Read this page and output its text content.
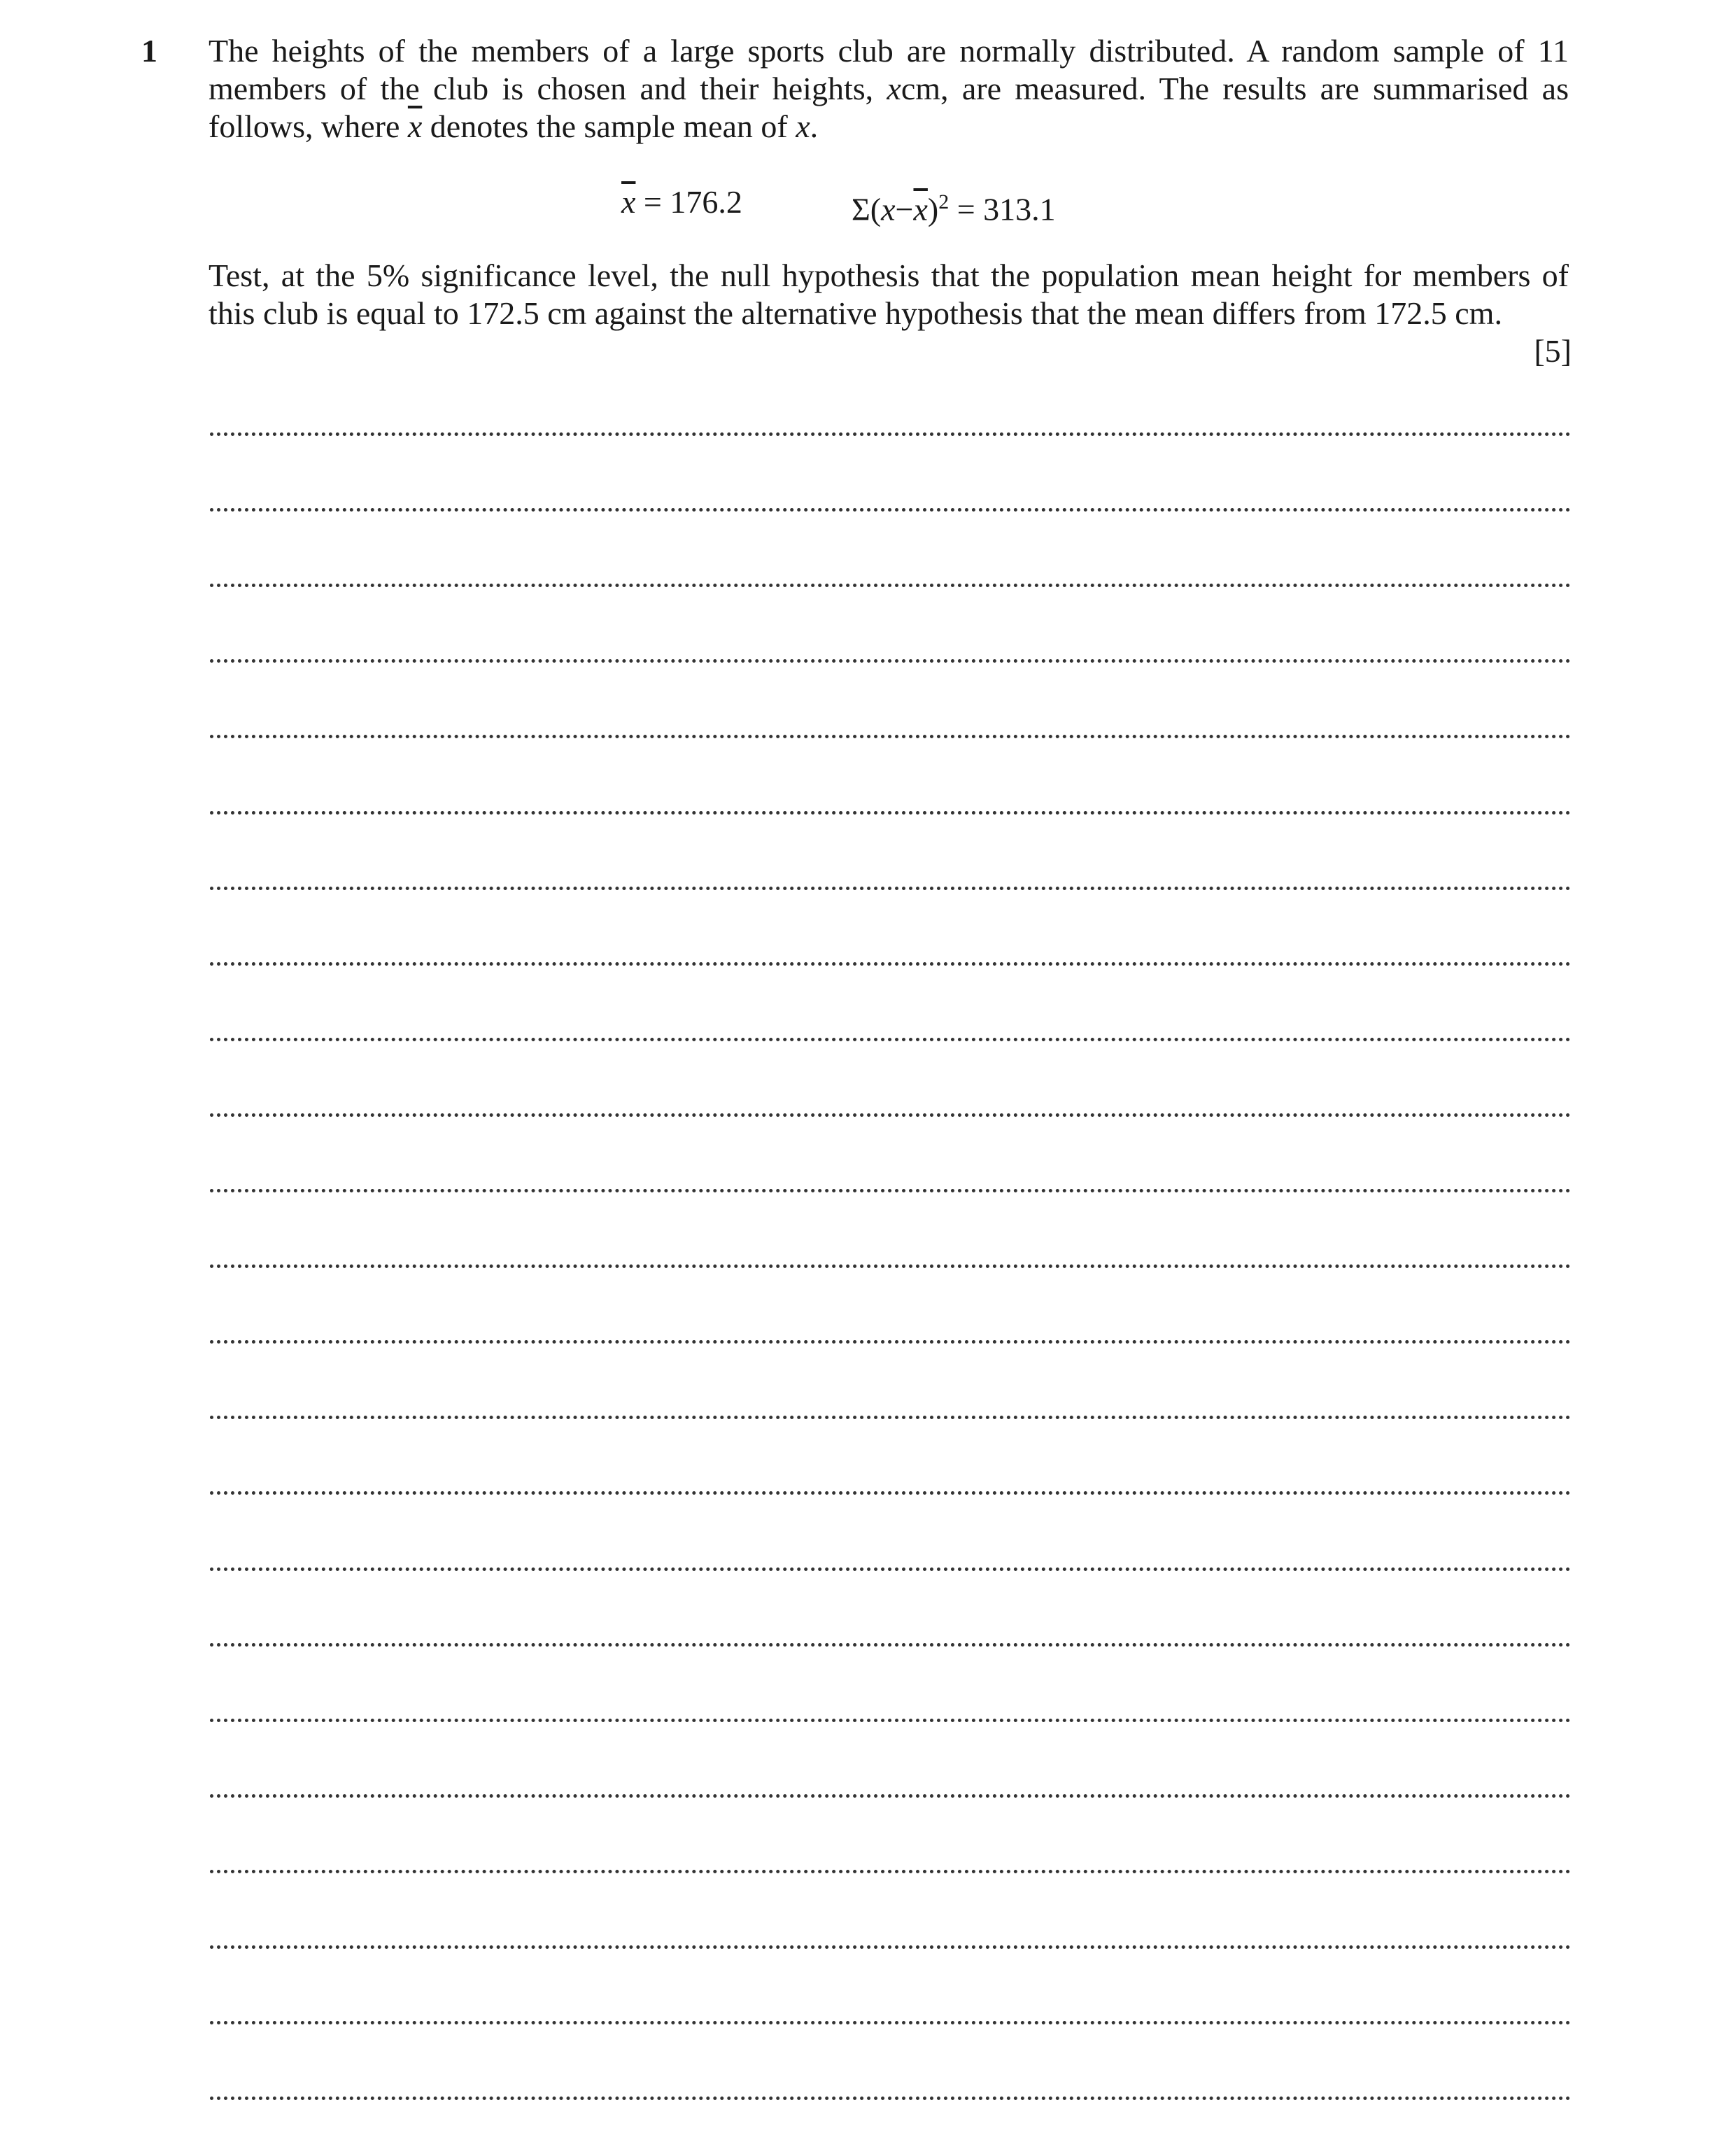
1 The heights of the members of a large sports club are normally distributed. A random sample of 11 members of the club is chosen and their heights, xcm, are measured. The results are summarised as follows, where $\overline{x}$ denotes the sample mean of x.
$\overline{x} = 176.2$	$\Sigma(x-\overline{x})^2 = 313.1$
Test, at the 5% significance level, the null hypothesis that the population mean height for members of this club is equal to 172.5 cm against the alternative hypothesis that the mean differs from 172.5 cm.
[5]
